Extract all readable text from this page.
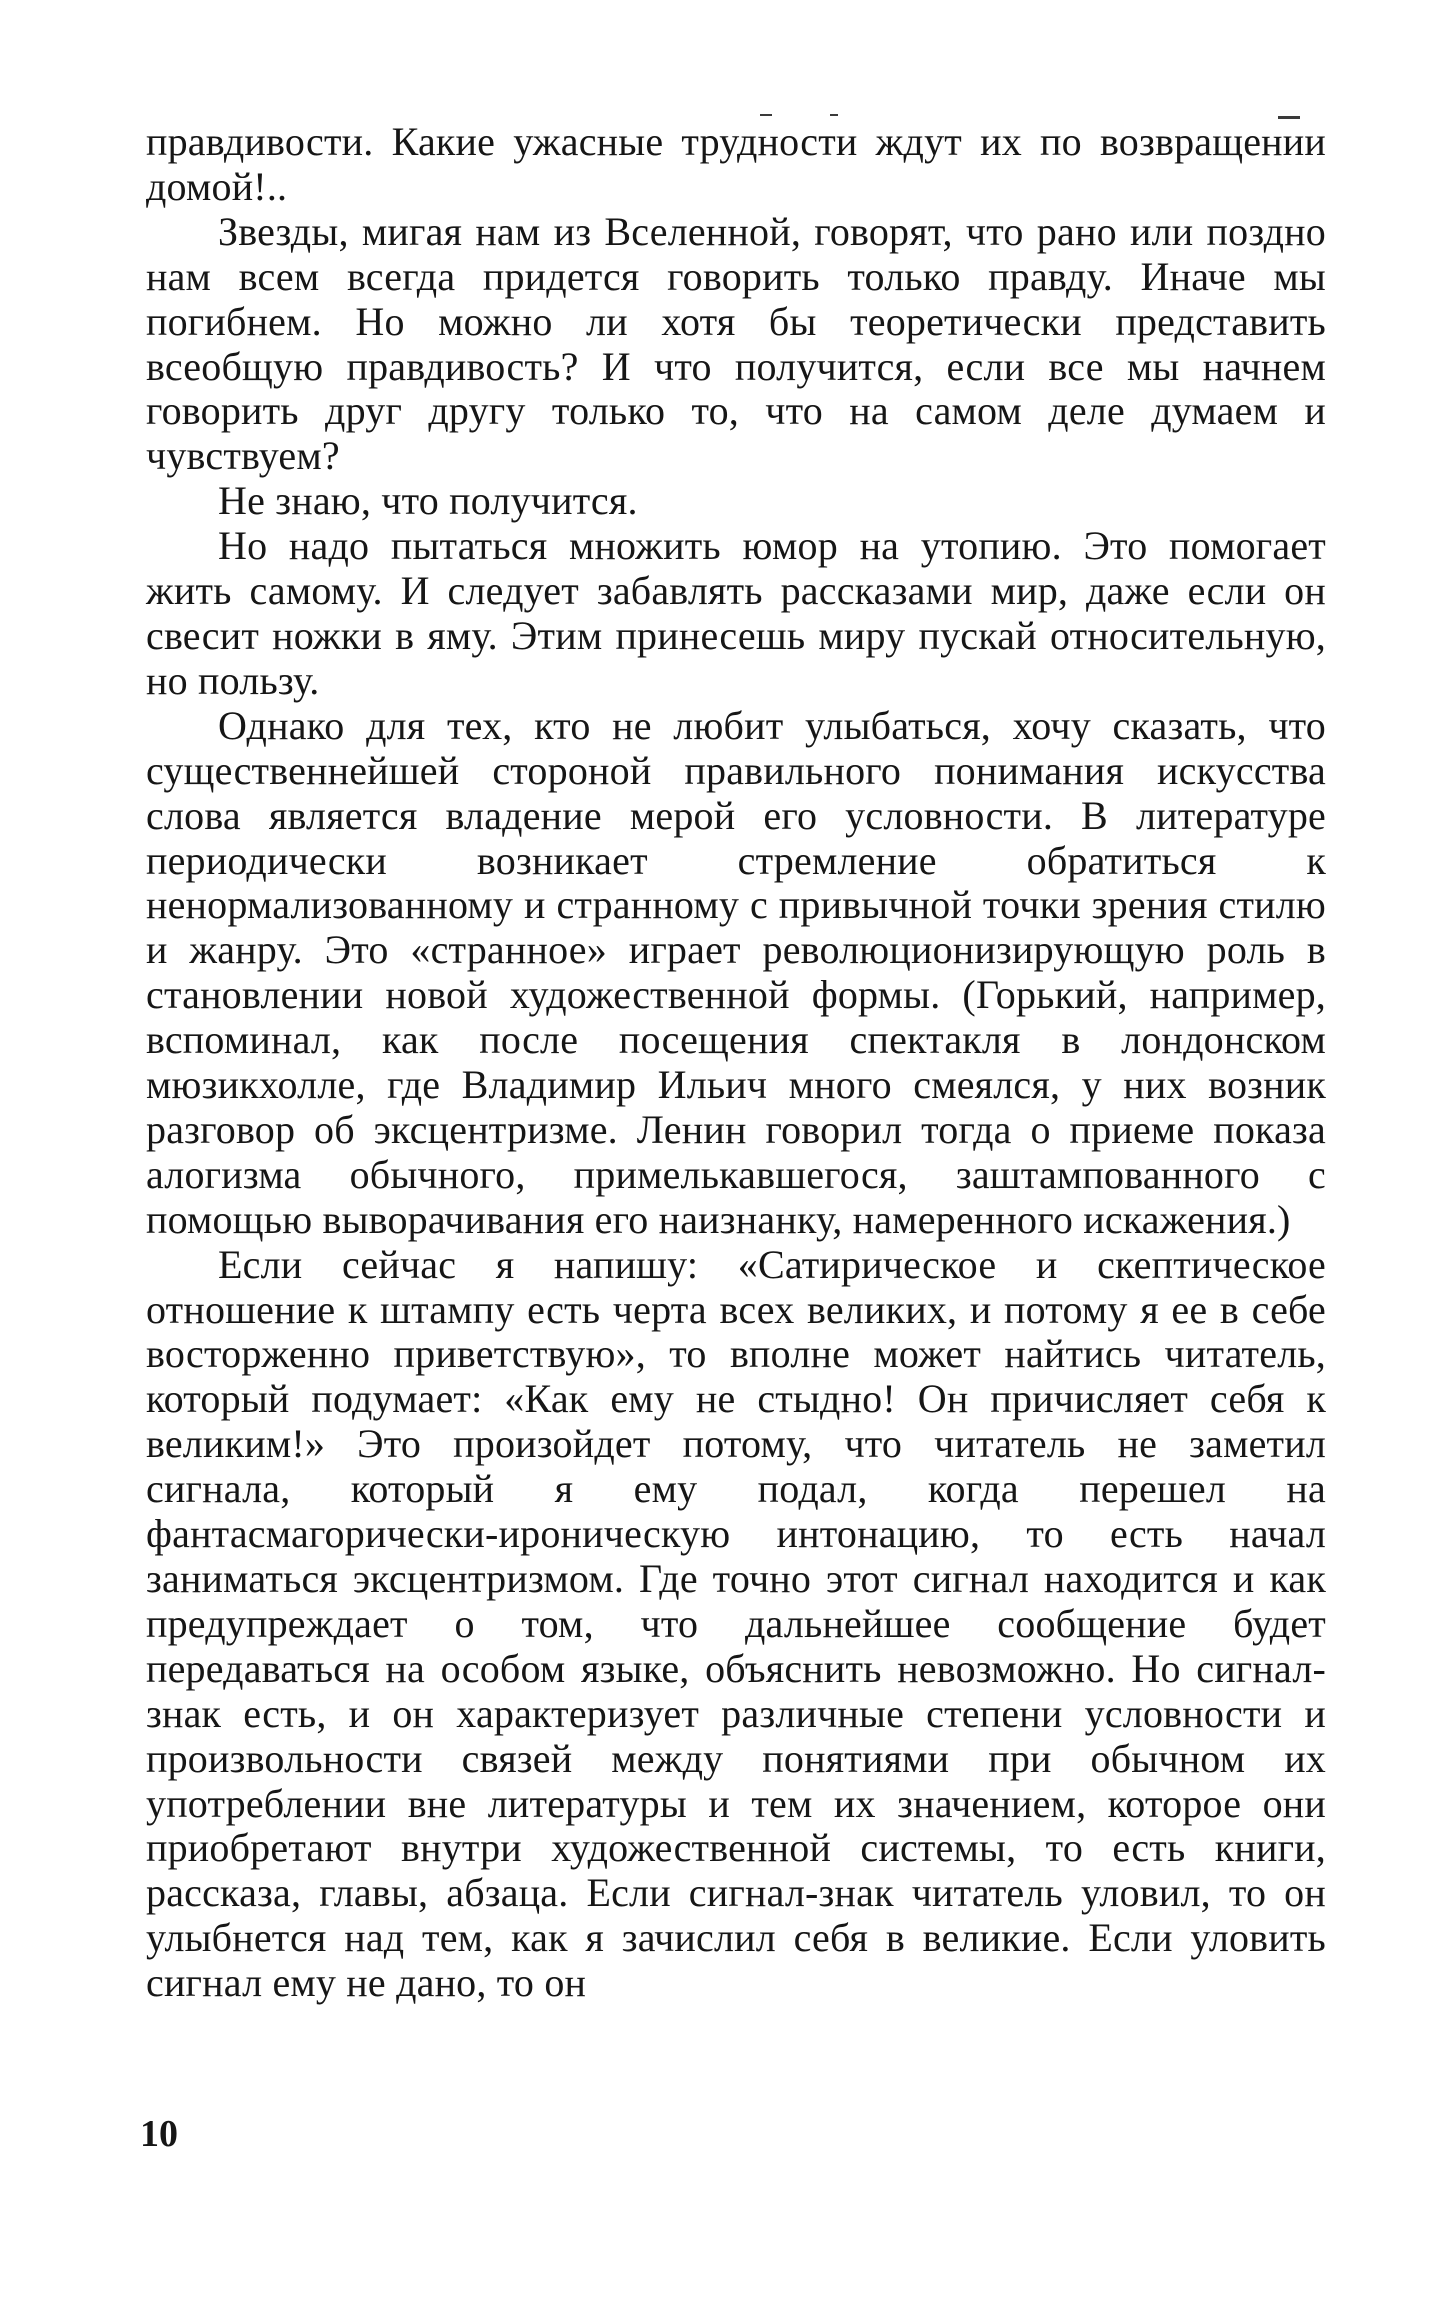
правдивости. Какие ужасные трудности ждут их по возвращении домой!..

Звезды, мигая нам из Вселенной, говорят, что рано или поздно нам всем всегда придется говорить только правду. Иначе мы погибнем. Но можно ли хотя бы теоретически представить всеобщую правдивость? И что получится, если все мы начнем говорить друг другу только то, что на самом деле думаем и чувствуем?

Не знаю, что получится.

Но надо пытаться множить юмор на утопию. Это помогает жить самому. И следует забавлять рассказами мир, даже если он свесит ножки в яму. Этим принесешь миру пускай относительную, но пользу.

Однако для тех, кто не любит улыбаться, хочу сказать, что существеннейшей стороной правильного понимания искусства слова является владение мерой его условности. В литературе периодически возникает стремление обратиться к ненормализованному и странному с привычной точки зрения стилю и жанру. Это «странное» играет революционизирующую роль в становлении новой художественной формы. (Горький, например, вспоминал, как после посещения спектакля в лондонском мюзикхолле, где Владимир Ильич много смеялся, у них возник разговор об эксцентризме. Ленин говорил тогда о приеме показа алогизма обычного, примелькавшегося, заштампованного с помощью выворачивания его наизнанку, намеренного искажения.)

Если сейчас я напишу: «Сатирическое и скептическое отношение к штампу есть черта всех великих, и потому я ее в себе восторженно приветствую», то вполне может найтись читатель, который подумает: «Как ему не стыдно! Он причисляет себя к великим!» Это произойдет потому, что читатель не заметил сигнала, который я ему подал, когда перешел на фантасмагорически-ироническую интонацию, то есть начал заниматься эксцентризмом. Где точно этот сигнал находится и как предупреждает о том, что дальнейшее сообщение будет передаваться на особом языке, объяснить невозможно. Но сигнал-знак есть, и он характеризует различные степени условности и произвольности связей между понятиями при обычном их употреблении вне литературы и тем их значением, которое они приобретают внутри художественной системы, то есть книги, рассказа, главы, абзаца. Если сигнал-знак читатель уловил, то он улыбнется над тем, как я зачислил себя в великие. Если уловить сигнал ему не дано, то он

10
